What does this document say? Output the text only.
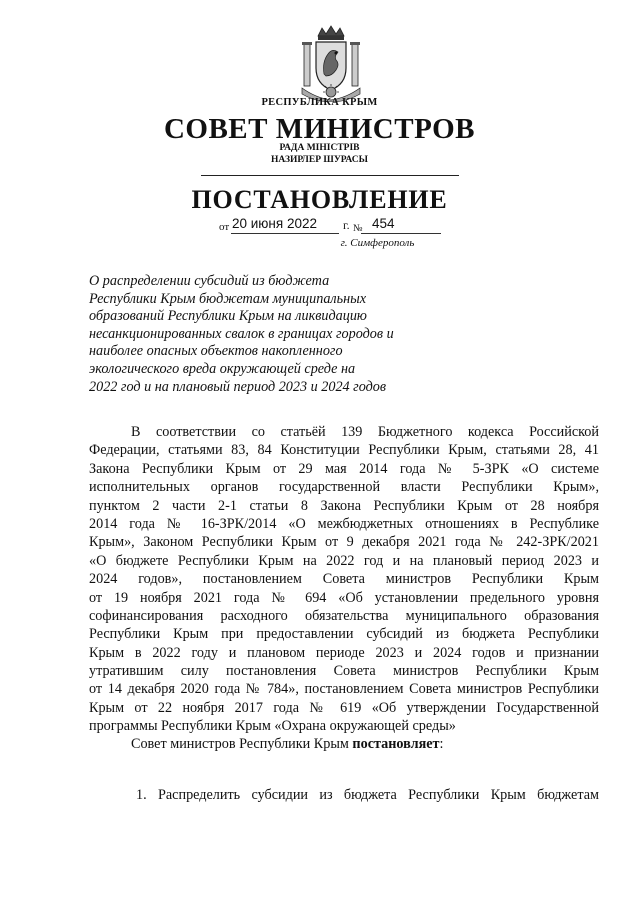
РЕСПУБЛИКА КРЫМ
СОВЕТ МИНИСТРОВ
РАДА МІНІСТРІВ
НАЗИРЛЕР ШУРАСЫ
ПОСТАНОВЛЕНИЕ
от 20 июня 2022 г. № 454
г. Симферополь
О распределении субсидий из бюджета
Республики Крым бюджетам муниципальных
образований Республики Крым на ликвидацию
несанкционированных свалок в границах городов и
наиболее опасных объектов накопленного
экологического вреда окружающей среде на
2022 год и на плановый период 2023 и 2024 годов
В соответствии со статьёй 139 Бюджетного кодекса Российской
Федерации, статьями 83, 84 Конституции Республики Крым, статьями 28, 41
Закона Республики Крым от 29 мая 2014 года № 5-ЗРК «О системе
исполнительных органов государственной власти Республики Крым»,
пунктом 2 части 2-1 статьи 8 Закона Республики Крым от 28 ноября
2014 года № 16-ЗРК/2014 «О межбюджетных отношениях в Республике
Крым», Законом Республики Крым от 9 декабря 2021 года № 242-ЗРК/2021
«О бюджете Республики Крым на 2022 год и на плановый период 2023 и
2024 годов», постановлением Совета министров Республики Крым
от 19 ноября 2021 года № 694 «Об установлении предельного уровня
софинансирования расходного обязательства муниципального образования
Республики Крым при предоставлении субсидий из бюджета Республики
Крым в 2022 году и плановом периоде 2023 и 2024 годов и признании
утратившим силу постановления Совета министров Республики Крым
от 14 декабря 2020 года № 784», постановлением Совета министров Республики
Крым от 22 ноября 2017 года № 619 «Об утверждении Государственной
программы Республики Крым «Охрана окружающей среды»
Совет министров Республики Крым постановляет:
1. Распределить субсидии из бюджета Республики Крым бюджетам
